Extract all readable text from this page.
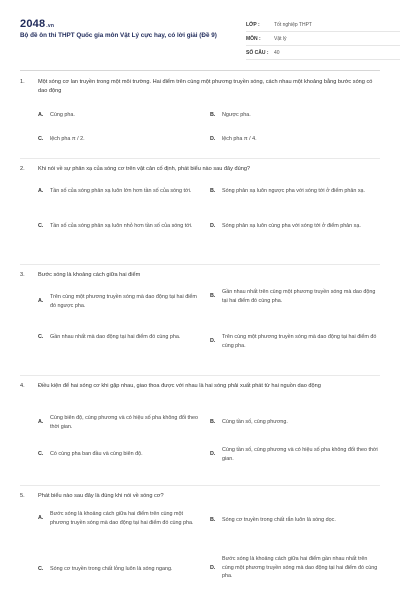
2048.vn
Bộ đề ôn thi THPT Quốc gia môn Vật Lý cực hay, có lời giải (Đề 9)
LỚP :	Tốt nghiệp THPT
MÔN :	Vật lý
SỐ CÂU :	40
1.	Một sóng cơ lan truyền trong một môi trường. Hai điểm trên cùng một phương truyền sóng, cách nhau một khoảng bằng bước sóng có dao động
A.	Cùng pha.	B.	Ngược pha.
C.	lệch pha π / 2.	D.	lệch pha π / 4.
2.	Khi nói về sự phản xạ của sóng cơ trên vật cản cố định, phát biểu nào sau đây đúng?
A.	Tần số của sóng phản xạ luôn lớn hơn tần số của sóng tới.	B.	Sóng phản xạ luôn ngược pha với sóng tới ở điểm phản xạ.
C.	Tần số của sóng phản xạ luôn nhỏ hơn tần số của sóng tới.	D.	Sóng phản xạ luôn cùng pha với sóng tới ở điểm phản xạ.
3.	Bước sóng là khoảng cách giữa hai điểm
A.
Trên cùng một phương truyền sóng mà dao động tại hai điểm đó ngược pha.
B.
Gần nhau nhất trên cùng một phương truyền sóng mà dao động tại hai điểm đó cùng pha.
C.	Gần nhau nhất mà dao động tại hai điểm đó cùng pha.
D.
Trên cùng một phương truyền sóng mà dao động tại hai điểm đó cùng pha.
4.	Điều kiện để hai sóng cơ khi gặp nhau, giao thoa được với nhau là hai sóng phải xuất phát từ hai nguồn dao động
A.
Cùng biên độ, cùng phương và có hiệu số pha không đổi theo thời gian.
B.	Cùng tần số, cùng phương.
C.	Có cùng pha ban đầu và cùng biên độ.	D.
Cùng tần số, cùng phương và có hiệu số pha không đổi theo thời gian.
5.	Phát biểu nào sau đây là đúng khi nói về sóng cơ?
A.
Bước sóng là khoảng cách giữa hai điểm trên cùng một phương truyền sóng mà dao động tại hai điểm đó cùng pha.	B.	Sóng cơ truyền trong chất rắn luôn là sóng dọc.
C.	Sóng cơ truyền trong chất lỏng luôn là sóng ngang.	D.
Bước sóng là khoảng cách giữa hai điểm gần nhau nhất trên cùng một phương truyền sóng mà dao động tại hai điểm đó cùng pha.
